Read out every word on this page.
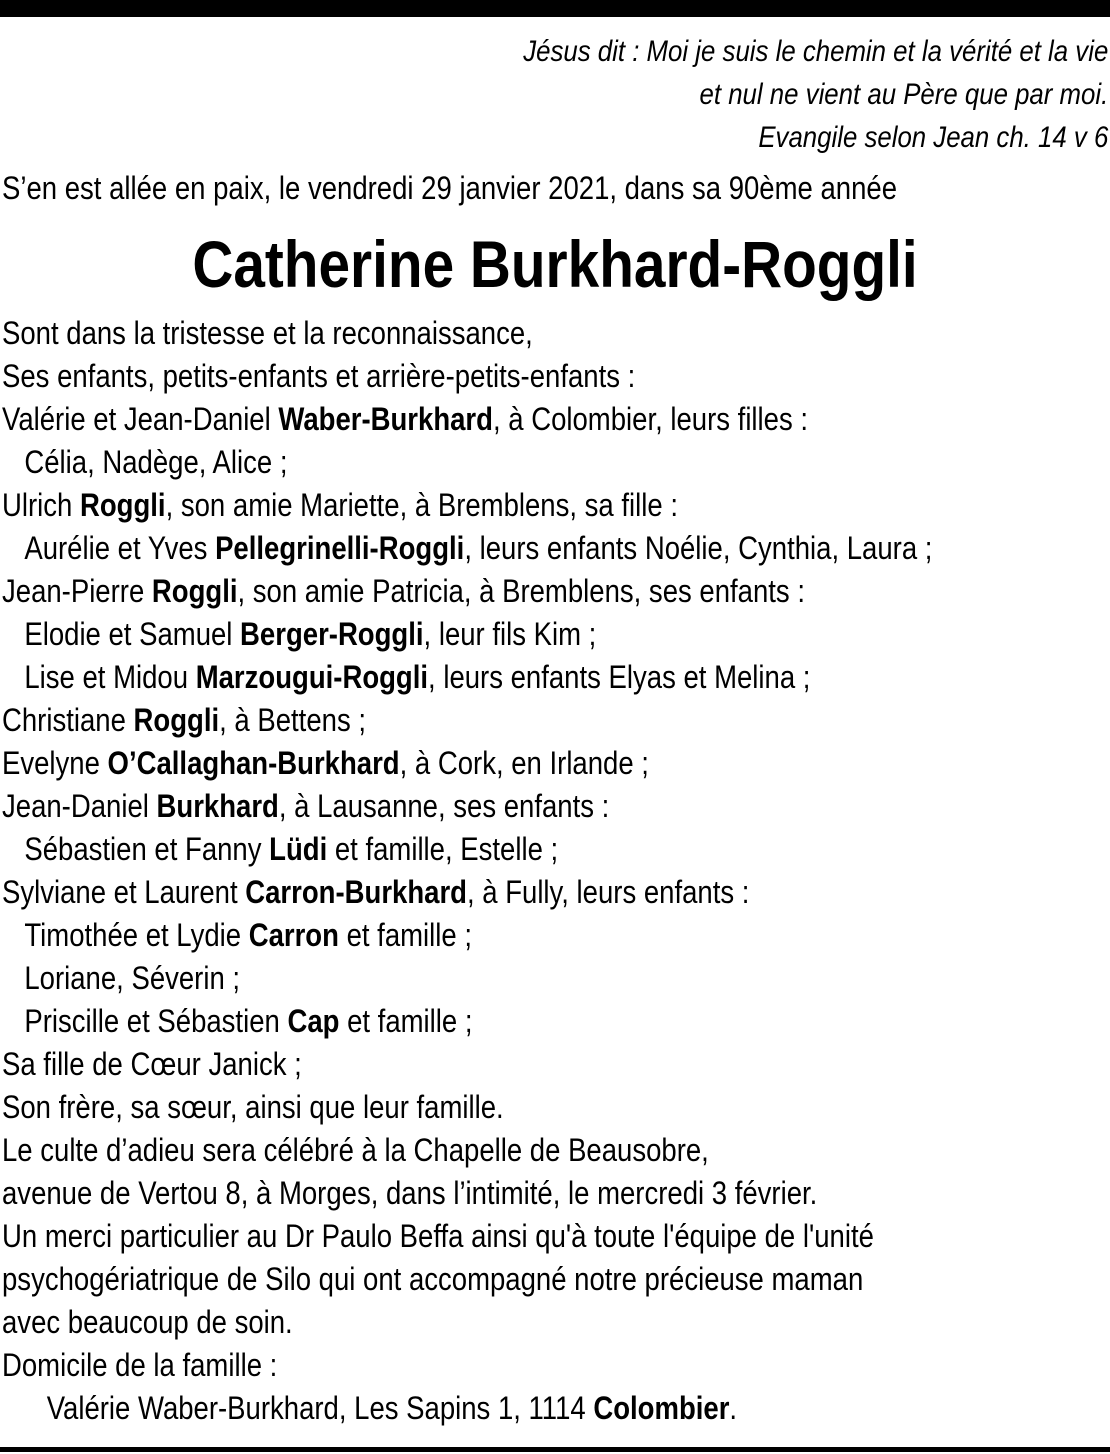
Jésus dit : Moi je suis le chemin et la vérité et la vie
et nul ne vient au Père que par moi.
Evangile selon Jean ch. 14 v 6
S’en est allée en paix, le vendredi 29 janvier 2021, dans sa 90ème année
Catherine Burkhard-Roggli
Sont dans la tristesse et la reconnaissance,
Ses enfants, petits-enfants et arrière-petits-enfants :
Valérie et Jean-Daniel Waber-Burkhard, à Colombier, leurs filles :
Célia, Nadège, Alice ;
Ulrich Roggli, son amie Mariette, à Bremblens, sa fille :
Aurélie et Yves Pellegrinelli-Roggli, leurs enfants Noélie, Cynthia, Laura ;
Jean-Pierre Roggli, son amie Patricia, à Bremblens, ses enfants :
Elodie et Samuel Berger-Roggli, leur fils Kim ;
Lise et Midou Marzougui-Roggli, leurs enfants Elyas et Melina ;
Christiane Roggli, à Bettens ;
Evelyne O’Callaghan-Burkhard, à Cork, en Irlande ;
Jean-Daniel Burkhard, à Lausanne, ses enfants :
Sébastien et Fanny Lüdi et famille, Estelle ;
Sylviane et Laurent Carron-Burkhard, à Fully, leurs enfants :
Timothée et Lydie Carron et famille ;
Loriane, Séverin ;
Priscille et Sébastien Cap et famille ;
Sa fille de Cœur Janick ;
Son frère, sa sœur, ainsi que leur famille.
Le culte d’adieu sera célébré à la Chapelle de Beausobre,
avenue de Vertou 8, à Morges, dans l’intimité, le mercredi 3 février.
Un merci particulier au Dr Paulo Beffa ainsi qu'à toute l'équipe de l'unité
psychogériatrique de Silo qui ont accompagné notre précieuse maman
avec beaucoup de soin.
Domicile de la famille :
Valérie Waber-Burkhard, Les Sapins 1, 1114 Colombier.
